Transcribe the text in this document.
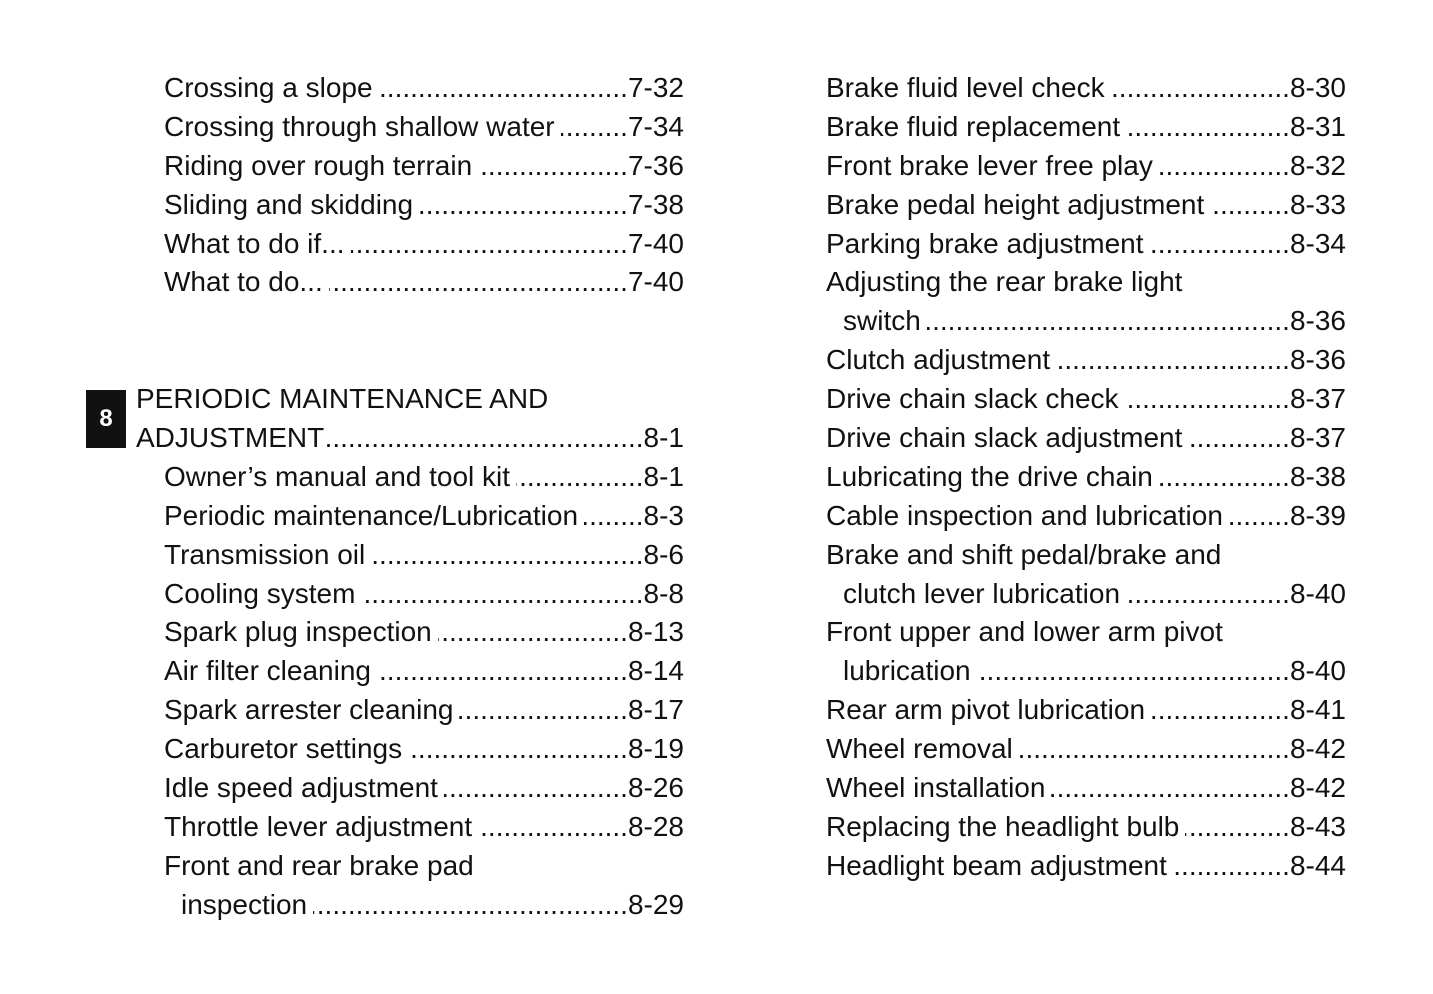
Crossing a slope .....	7-32
Crossing through shallow water .....	7-34
Riding over rough terrain .....	7-36
Sliding and skidding .....	7-38
What to do if... .....	7-40
What to do... .....	7-40
8
PERIODIC MAINTENANCE AND
ADJUSTMENT .....	8-1
Owner’s manual and tool kit .....	8-1
Periodic maintenance/Lubrication ..... 8-3
Transmission oil .....	8-6
Cooling system .....	8-8
Spark plug inspection .....	8-13
Air filter cleaning .....	8-14
Spark arrester cleaning .....	8-17
Carburetor settings .....	8-19
Idle speed adjustment .....	8-26
Throttle lever adjustment .....	8-28
Front and rear brake pad
inspection .....	8-29
Brake fluid level check .....	8-30
Brake fluid replacement .....	8-31
Front brake lever free play .....	8-32
Brake pedal height adjustment .....	8-33
Parking brake adjustment .....	8-34
Adjusting the rear brake light
switch .....	8-36
Clutch adjustment .....	8-36
Drive chain slack check .....	8-37
Drive chain slack adjustment .....	8-37
Lubricating the drive chain .....	8-38
Cable inspection and lubrication ..... 8-39
Brake and shift pedal/brake and
clutch lever lubrication .....	8-40
Front upper and lower arm pivot
lubrication .....	8-40
Rear arm pivot lubrication .....	8-41
Wheel removal .....	8-42
Wheel installation .....	8-42
Replacing the headlight bulb .....	8-43
Headlight beam adjustment .....	8-44
